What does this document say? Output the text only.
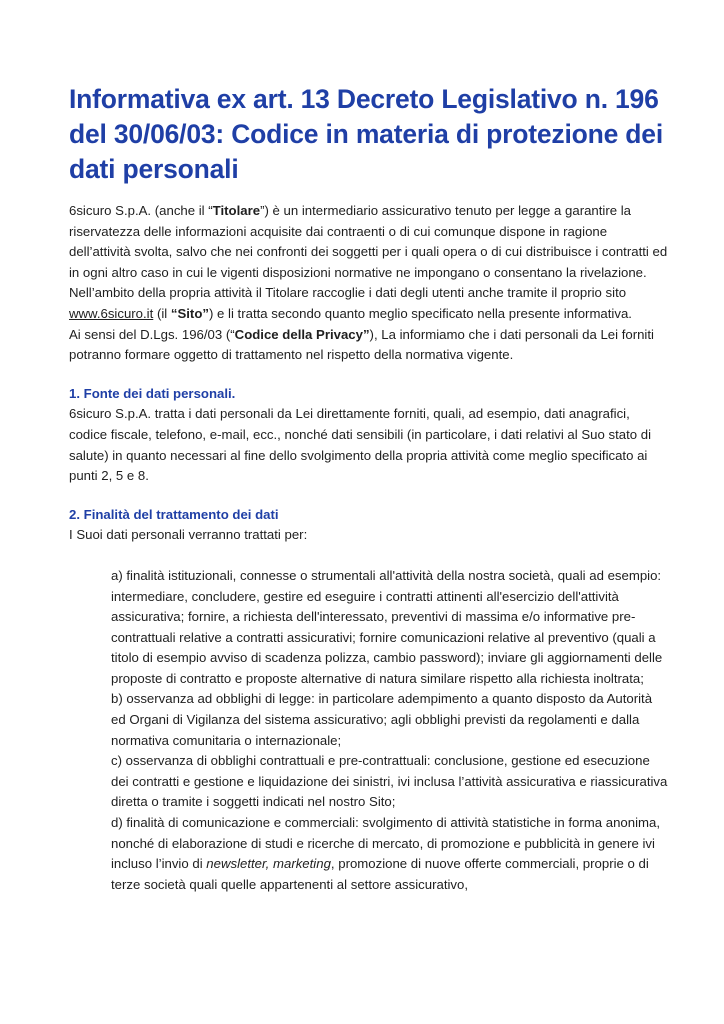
Informativa ex art. 13 Decreto Legislativo n. 196 del 30/06/03: Codice in materia di protezione dei dati personali

6sicuro S.p.A. (anche il “Titolare”) è un intermediario assicurativo tenuto per legge a garantire la riservatezza delle informazioni acquisite dai contraenti o di cui comunque dispone in ragione dell’attività svolta, salvo che nei confronti dei soggetti per i quali opera o di cui distribuisce i contratti ed in ogni altro caso in cui le vigenti disposizioni normative ne impongano o consentano la rivelazione. Nell’ambito della propria attività il Titolare raccoglie i dati degli utenti anche tramite il proprio sito www.6sicuro.it (il “Sito”) e li tratta secondo quanto meglio specificato nella presente informativa.

Ai sensi del D.Lgs. 196/03 (“Codice della Privacy”), La informiamo che i dati personali da Lei forniti potranno formare oggetto di trattamento nel rispetto della normativa vigente.

1. Fonte dei dati personali.

6sicuro S.p.A. tratta i dati personali da Lei direttamente forniti, quali, ad esempio, dati anagrafici, codice fiscale, telefono, e-mail, ecc., nonché dati sensibili (in particolare, i dati relativi al Suo stato di salute) in quanto necessari al fine dello svolgimento della propria attività come meglio specificato ai punti 2, 5 e 8.

2. Finalità del trattamento dei dati

I Suoi dati personali verranno trattati per:

a) finalità istituzionali, connesse o strumentali all'attività della nostra società, quali ad esempio: intermediare, concludere, gestire ed eseguire i contratti attinenti all'esercizio dell'attività assicurativa; fornire, a richiesta dell'interessato, preventivi di massima e/o informative pre-contrattuali relative a contratti assicurativi; fornire comunicazioni relative al preventivo (quali a titolo di esempio avviso di scadenza polizza, cambio password); inviare gli aggiornamenti delle proposte di contratto e proposte alternative di natura similare rispetto alla richiesta inoltrata;

b) osservanza ad obblighi di legge: in particolare adempimento a quanto disposto da Autorità ed Organi di Vigilanza del sistema assicurativo; agli obblighi previsti da regolamenti e dalla normativa comunitaria o internazionale;

c) osservanza di obblighi contrattuali e pre-contrattuali: conclusione, gestione ed esecuzione dei contratti e gestione e liquidazione dei sinistri, ivi inclusa l’attività assicurativa e riassicurativa diretta o tramite i soggetti indicati nel nostro Sito;

d) finalità di comunicazione e commerciali: svolgimento di attività statistiche in forma anonima, nonché di elaborazione di studi e ricerche di mercato, di promozione e pubblicità in genere ivi incluso l’invio di newsletter, marketing, promozione di nuove offerte commerciali, proprie o di terze società quali quelle appartenenti al settore assicurativo,
